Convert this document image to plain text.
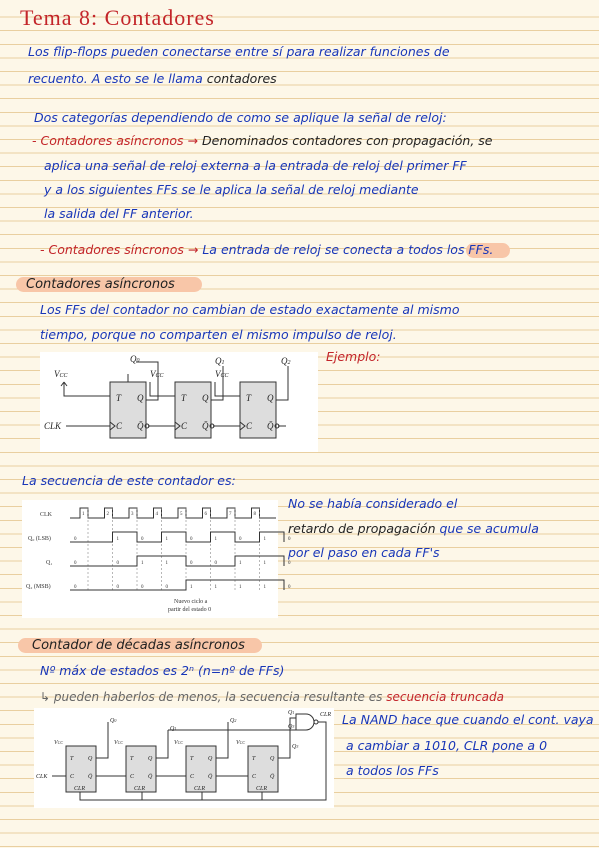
Tema 8: Contadores
Los flip-flops pueden conectarse entre sí para realizar funciones de
recuento. A esto se le llama contadores
Dos categorías dependiendo de como se aplique la señal de reloj:
- Contadores asíncronos → Denominados contadores con propagación, se
aplica una señal de reloj externa a la entrada de reloj del primer FF
y a los siguientes FFs se le aplica la señal de reloj mediante
la salida del FF anterior.
- Contadores síncronos → La entrada de reloj se conecta a todos los FFs.
Contadores asíncronos
Los FFs del contador no cambian de estado exactamente al mismo
tiempo, porque no comparten el mismo impulso de reloj.
Ejemplo:
VCC	VCC	VCC
Q0	Q1	Q2
CLK
T Q
C Q̄
T Q
C Q̄
T Q
C Q̄
La secuencia de este contador es:
No se había considerado el
retardo de propagación que se acumula
por el paso en cada FF's
CLK
Q₀ (LSB)
Q₁
Q₂ (MSB)
Nuevo ciclo a
partir del estado 0
1	2	3	4	5	6	7	8
0	1	0	1	0	1	0	1	0
0	0	1	1	0	0	1	1	0
0	0	0	0	1	1	1	1	0
Contador de décadas asíncronos
Nº máx de estados es 2ⁿ (n=nº de FFs)
↳ pueden haberlos de menos, la secuencia resultante es secuencia truncada
La NAND hace que cuando el cont. vaya
a cambiar a 1010, CLR pone a 0
a todos los FFs
CLK
CLR
Q1
Q3
Q0
Q1
Q2
Q3
VCC	VCC	VCC	VCC
T Q
C Q̄
CLR
T Q
C Q̄
CLR
T Q
C Q̄
CLR
T Q
C Q̄
CLR
